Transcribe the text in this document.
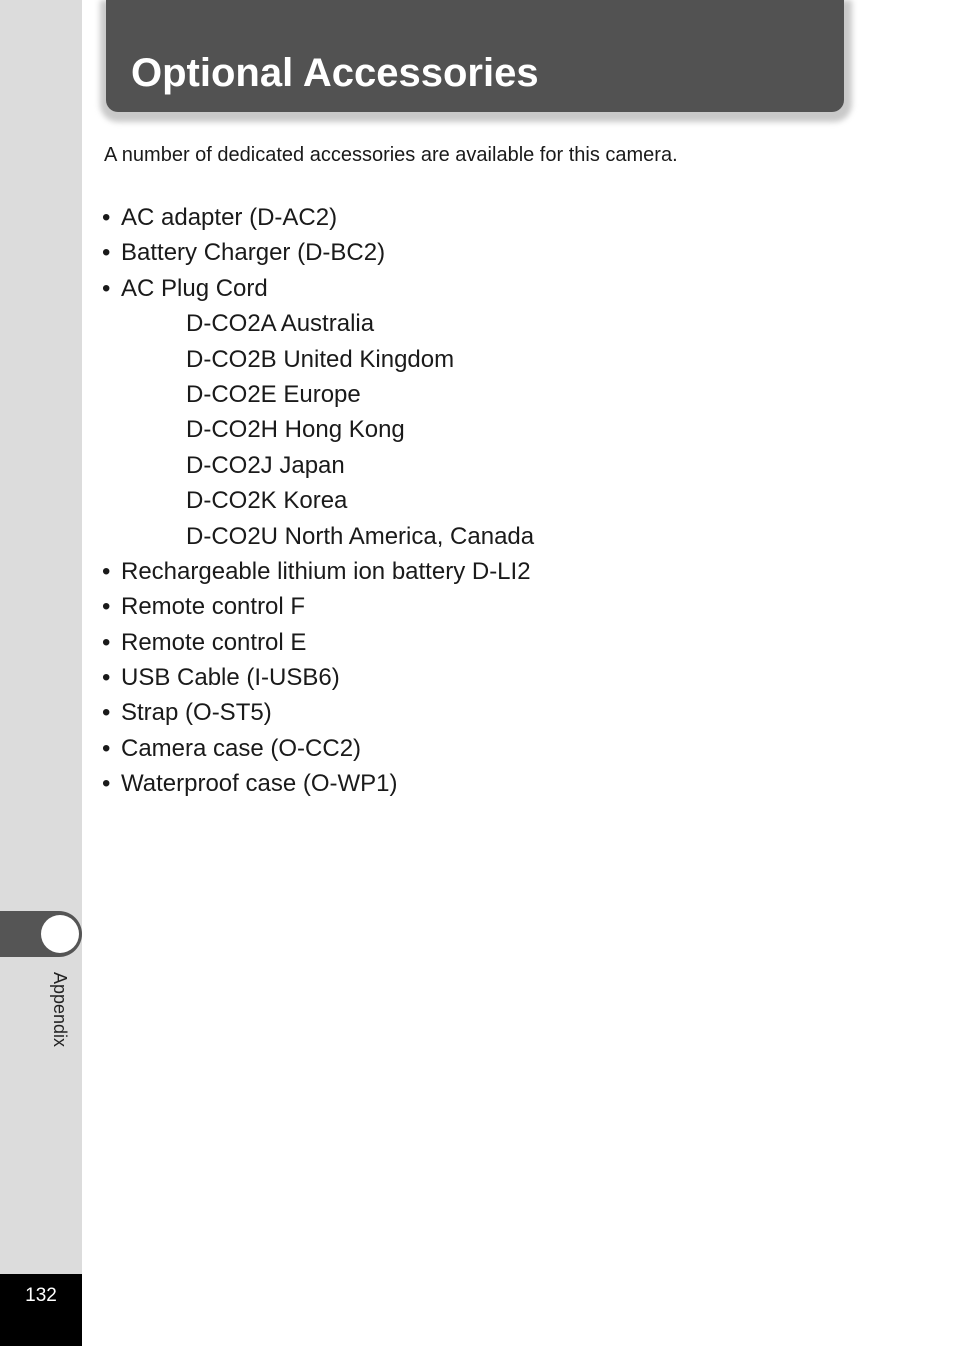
Appendix
132
Optional Accessories

A number of dedicated accessories are available for this camera.

• AC adapter (D-AC2)
• Battery Charger (D-BC2)
• AC Plug Cord
D-CO2A Australia
D-CO2B United Kingdom
D-CO2E Europe
D-CO2H Hong Kong
D-CO2J Japan
D-CO2K Korea
D-CO2U North America, Canada
• Rechargeable lithium ion battery D-LI2
• Remote control F
• Remote control E
• USB Cable (I-USB6)
• Strap (O-ST5)
• Camera case (O-CC2)
• Waterproof case (O-WP1)
